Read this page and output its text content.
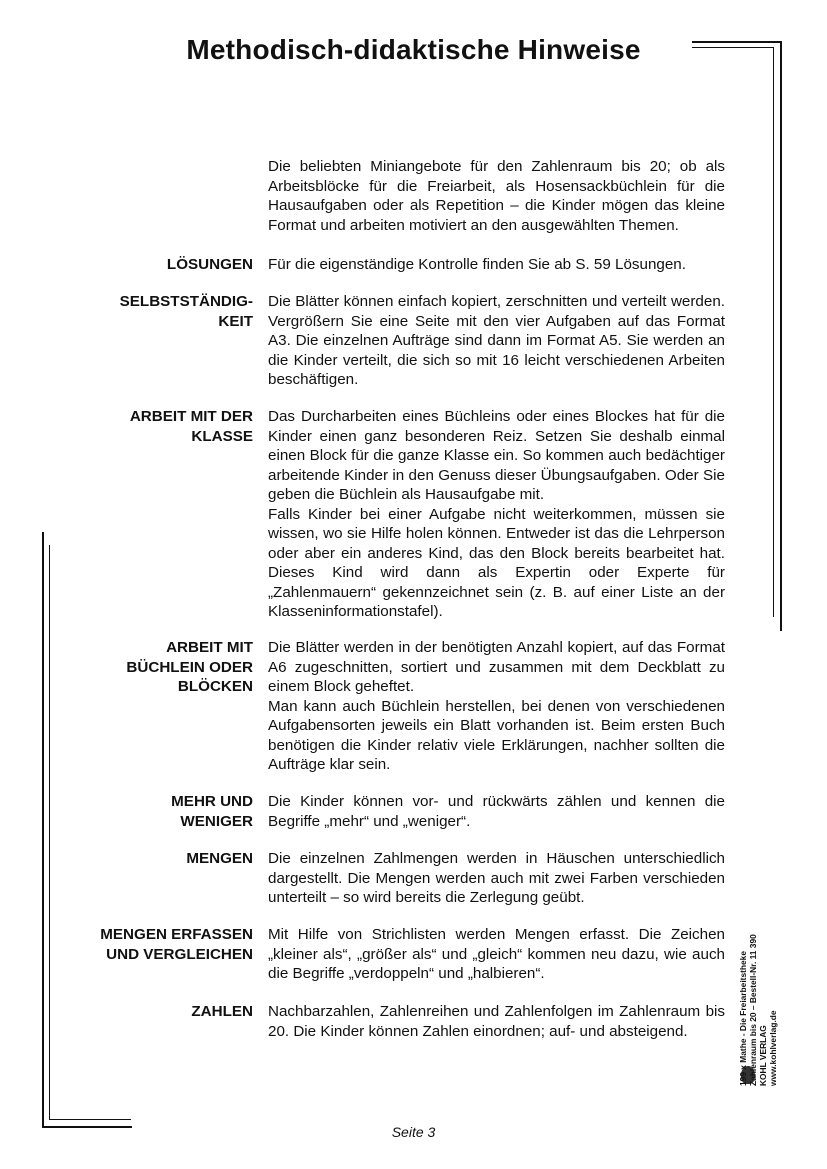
Methodisch-didaktische Hinweise
Die beliebten Miniangebote für den Zahlenraum bis 20; ob als Arbeitsblöcke für die Freiarbeit, als Hosensackbüchlein für die Hausaufgaben oder als Repetition – die Kinder mögen das kleine Format und arbeiten motiviert an den ausgewählten Themen.
LÖSUNGEN Für die eigenständige Kontrolle finden Sie ab S. 59 Lösungen.

SELBSTSTÄNDIG-
KEIT

Die Blätter können einfach kopiert, zerschnitten und verteilt werden. Vergrößern Sie eine Seite mit den vier Aufgaben auf das Format A3. Die einzelnen Aufträge sind dann im Format A5. Sie werden an die Kinder verteilt, die sich so mit 16 leicht verschiedenen Arbeiten beschäftigen.

ARBEIT MIT DER
KLASSE

Das Durcharbeiten eines Büchleins oder eines Blockes hat für die Kinder einen ganz besonderen Reiz. Setzen Sie deshalb einmal einen Block für die ganze Klasse ein. So kommen auch bedächtiger arbeitende Kinder in den Genuss dieser Übungsaufgaben. Oder Sie geben die Büchlein als Hausaufgabe mit.

Falls Kinder bei einer Aufgabe nicht weiterkommen, müssen sie wissen, wo sie Hilfe holen können. Entweder ist das die Lehrperson oder aber ein anderes Kind, das den Block bereits bearbeitet hat. Dieses Kind wird dann als Expertin oder Experte für „Zahlenmauern“ gekennzeichnet sein (z. B. auf einer Liste an der Klasseninformationstafel).

ARBEIT MIT
BÜCHLEIN ODER
BLÖCKEN

Die Blätter werden in der benötigten Anzahl kopiert, auf das Format A6 zugeschnitten, sortiert und zusammen mit dem Deckblatt zu einem Block geheftet.

Man kann auch Büchlein herstellen, bei denen von verschiedenen Aufgabensorten jeweils ein Blatt vorhanden ist. Beim ersten Buch benötigen die Kinder relativ viele Erklärungen, nachher sollten die Aufträge klar sein.

MEHR UND
WENIGER

Die Kinder können vor- und rückwärts zählen und kennen die Begriffe „mehr“ und „weniger“.

MENGEN Die einzelnen Zahlmengen werden in Häuschen unterschiedlich dargestellt. Die Mengen werden auch mit zwei Farben verschieden unterteilt – so wird bereits die Zerlegung geübt.

MENGEN ERFASSEN
UND VERGLEICHEN

Mit Hilfe von Strichlisten werden Mengen erfasst. Die Zeichen „kleiner als“, „größer als“ und „gleich“ kommen neu dazu, wie auch die Begriffe „verdoppeln“ und „halbieren“.

ZAHLEN Nachbarzahlen, Zahlenreihen und Zahlenfolgen im Zahlenraum bis 20. Die Kinder können Zahlen einordnen; auf- und absteigend.

Seite 3
199 x Mathe - Die Freiarbeitstheke Zahlenraum bis 20 – Bestell-Nr. 11 390 KOHL VERLAG www.kohlverlag.de
